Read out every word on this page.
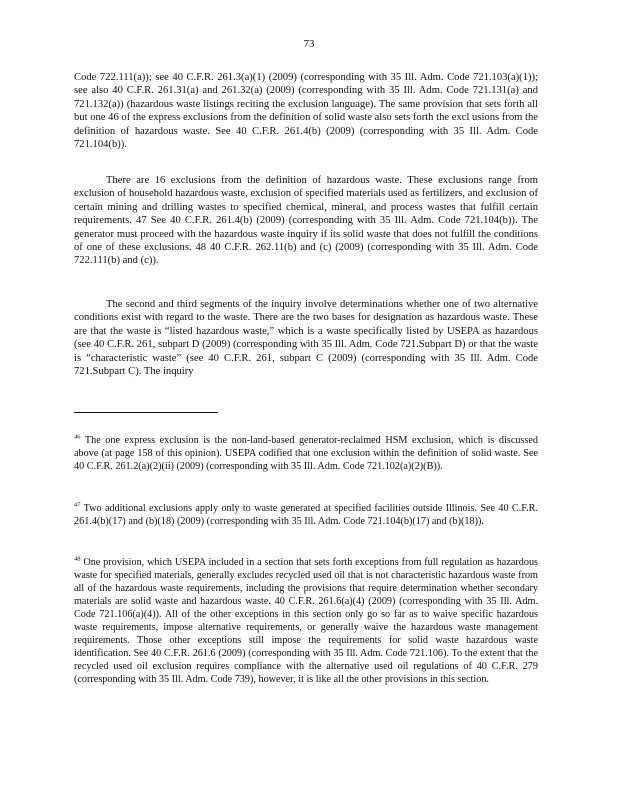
73

Code 722.111(a)); see 40 C.F.R. 261.3(a)(1) (2009) (corresponding with 35 Ill. Adm. Code 721.103(a)(1)); see also 40 C.F.R. 261.31(a) and 261.32(a) (2009) (corresponding with 35 Ill. Adm. Code 721.131(a) and 721.132(a)) (hazardous waste listings reciting the exclusion language). The same provision that sets forth all but one 46 of the express exclusions from the definition of solid waste also sets forth the excl usions from the definition of hazardous waste. See 40 C.F.R. 261.4(b) (2009) (corresponding with 35 Ill. Adm. Code 721.104(b)).

There are 16 exclusions from the definition of hazardous waste. These exclusions range from exclusion of household hazardous waste, exclusion of specified materials used as fertilizers, and exclusion of certain mining and drilling wastes to specified chemical, mineral, and process wastes that fulfill certain requirements. 47 See 40 C.F.R. 261.4(b) (2009) (corresponding with 35 Ill. Adm. Code 721.104(b)). The generator must proceed with the hazardous waste inquiry if its solid waste that does not fulfill the conditions of one of these exclusions. 48 40 C.F.R. 262.11(b) and (c) (2009) (corresponding with 35 Ill. Adm. Code 722.111(b) and (c)).

The second and third segments of the inquiry involve determinations whether one of two alternative conditions exist with regard to the waste. There are the two bases for designation as hazardous waste. These are that the waste is “listed hazardous waste,” which is a waste specifically listed by USEPA as hazardous (see 40 C.F.R. 261, subpart D (2009) (corresponding with 35 Ill. Adm. Code 721.Subpart D) or that the waste is “characteristic waste” (see 40 C.F.R. 261, subpart C (2009) (corresponding with 35 Ill. Adm. Code 721.Subpart C). The inquiry

$^{46}$ The one express exclusion is the non-land-based generator-reclaimed HSM exclusion, which is discussed above (at page 158 of this opinion). USEPA codified that one exclusion within the definition of solid waste. See 40 C.F.R. 261.2(a)(2)(ii) (2009) (corresponding with 35 Ill. Adm. Code 721.102(a)(2)(B)).

$^{47}$ Two additional exclusions apply only to waste generated at specified facilities outside Illinois. See 40 C.F.R. 261.4(b)(17) and (b)(18) (2009) (corresponding with 35 Ill. Adm. Code 721.104(b)(17) and (b)(18)).

$^{48}$ One provision, which USEPA included in a section that sets forth exceptions from full regulation as hazardous waste for specified materials, generally excludes recycled used oil that is not characteristic hazardous waste from all of the hazardous waste requirements, including the provisions that require determination whether secondary materials are solid waste and hazardous waste. 40 C.F.R. 261.6(a)(4) (2009) (corresponding with 35 Ill. Adm. Code 721.106(a)(4)). All of the other exceptions in this section only go so far as to waive specific hazardous waste requirements, impose alternative requirements, or generally waive the hazardous waste management requirements. Those other exceptions still impose the requirements for solid waste hazardous waste identification. See 40 C.F.R. 261.6 (2009) (corresponding with 35 Ill. Adm. Code 721.106). To the extent that the recycled used oil exclusion requires compliance with the alternative used oil regulations of 40 C.F.R. 279 (corresponding with 35 Ill. Adm. Code 739), however, it is like all the other provisions in this section.
